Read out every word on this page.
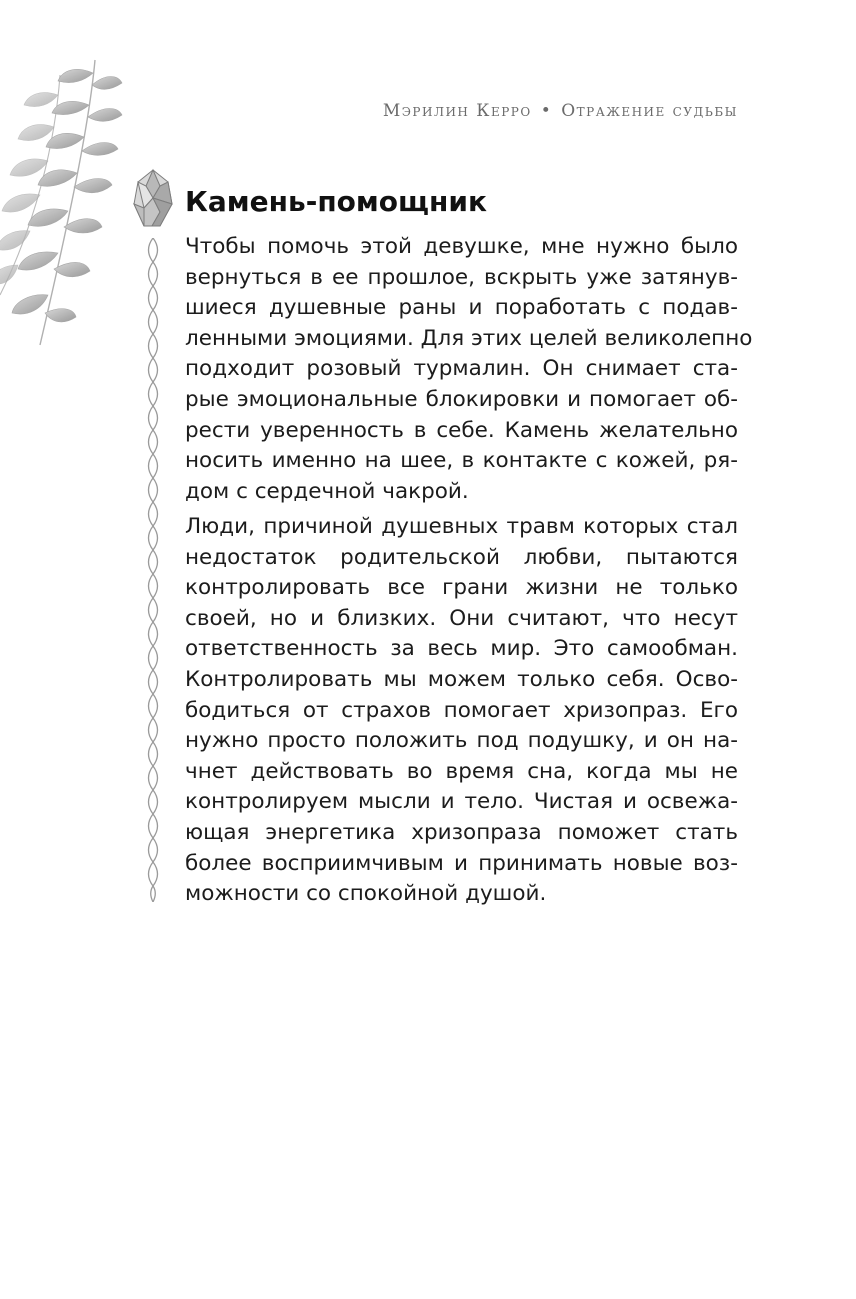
Мэрилин Керро • Отражение судьбы
Камень-помощник

Чтобы помочь этой девушке, мне нужно было
вернуться в ее прошлое, вскрыть уже затянув-
шиеся душевные раны и поработать с подав-
ленными эмоциями. Для этих целей великолепно
подходит розовый турмалин. Он снимает ста-
рые эмоциональные блокировки и помогает об-
рести уверенность в себе. Камень желательно
носить именно на шее, в контакте с кожей, ря-
дом с сердечной чакрой.

Люди, причиной душевных травм которых стал
недостаток родительской любви, пытаются
контролировать все грани жизни не только
своей, но и близких. Они считают, что несут
ответственность за весь мир. Это самообман.
Контролировать мы можем только себя. Осво-
бодиться от страхов помогает хризопраз. Его
нужно просто положить под подушку, и он на-
чнет действовать во время сна, когда мы не
контролируем мысли и тело. Чистая и освежа-
ющая энергетика хризопраза поможет стать
более восприимчивым и принимать новые воз-
можности со спокойной душой.
